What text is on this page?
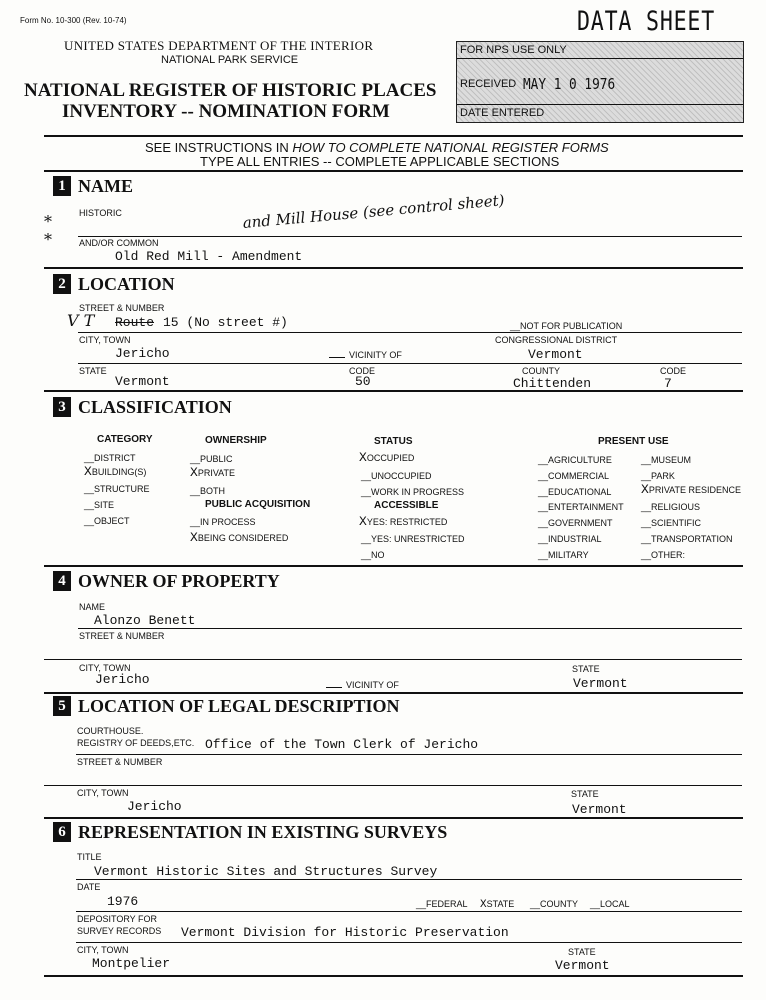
Form No. 10-300 (Rev. 10-74)	DATA SHEET
UNITED STATES DEPARTMENT OF THE INTERIOR
NATIONAL PARK SERVICE
NATIONAL REGISTER OF HISTORIC PLACES
INVENTORY -- NOMINATION FORM
FOR NPS USE ONLY
RECEIVED MAY 1 0 1976
DATE ENTERED
SEE INSTRUCTIONS IN HOW TO COMPLETE NATIONAL REGISTER FORMS
TYPE ALL ENTRIES -- COMPLETE APPLICABLE SECTIONS
1 NAME
HISTORIC
*
*
and Mill House (see control sheet)
AND/OR COMMON
Old Red Mill - Amendment
2 LOCATION
STREET & NUMBER
V T Route 15 (No street #)	__NOT FOR PUBLICATION
CITY, TOWN	CONGRESSIONAL DISTRICT
Jericho	VICINITY OF	Vermont
STATE	CODE	COUNTY	CODE
Vermont	50	Chittenden	7
3 CLASSIFICATION
CATEGORY
__DISTRICT
XBUILDING(S)
__STRUCTURE
__SITE
__OBJECT
OWNERSHIP
__PUBLIC
XPRIVATE
__BOTH
PUBLIC ACQUISITION
__IN PROCESS
XBEING CONSIDERED
STATUS
XOCCUPIED
__UNOCCUPIED
__WORK IN PROGRESS
ACCESSIBLE
XYES: RESTRICTED
__YES: UNRESTRICTED
__NO
PRESENT USE
__AGRICULTURE
__COMMERCIAL
__EDUCATIONAL
__ENTERTAINMENT
__GOVERNMENT
__INDUSTRIAL
__MILITARY
__MUSEUM
__PARK
XPRIVATE RESIDENCE
__RELIGIOUS
__SCIENTIFIC
__TRANSPORTATION
__OTHER:
4 OWNER OF PROPERTY
NAME
Alonzo Benett
STREET & NUMBER
CITY, TOWN	STATE
Jericho	VICINITY OF	Vermont
5 LOCATION OF LEGAL DESCRIPTION
COURTHOUSE.
REGISTRY OF DEEDS,ETC. Office of the Town Clerk of Jericho
STREET & NUMBER
CITY, TOWN	STATE
Jericho	Vermont
6 REPRESENTATION IN EXISTING SURVEYS
TITLE
Vermont Historic Sites and Structures Survey
DATE
1976	__FEDERAL XSTATE __COUNTY __LOCAL
DEPOSITORY FOR
SURVEY RECORDS Vermont Division for Historic Preservation
CITY, TOWN	STATE
Montpelier	Vermont
